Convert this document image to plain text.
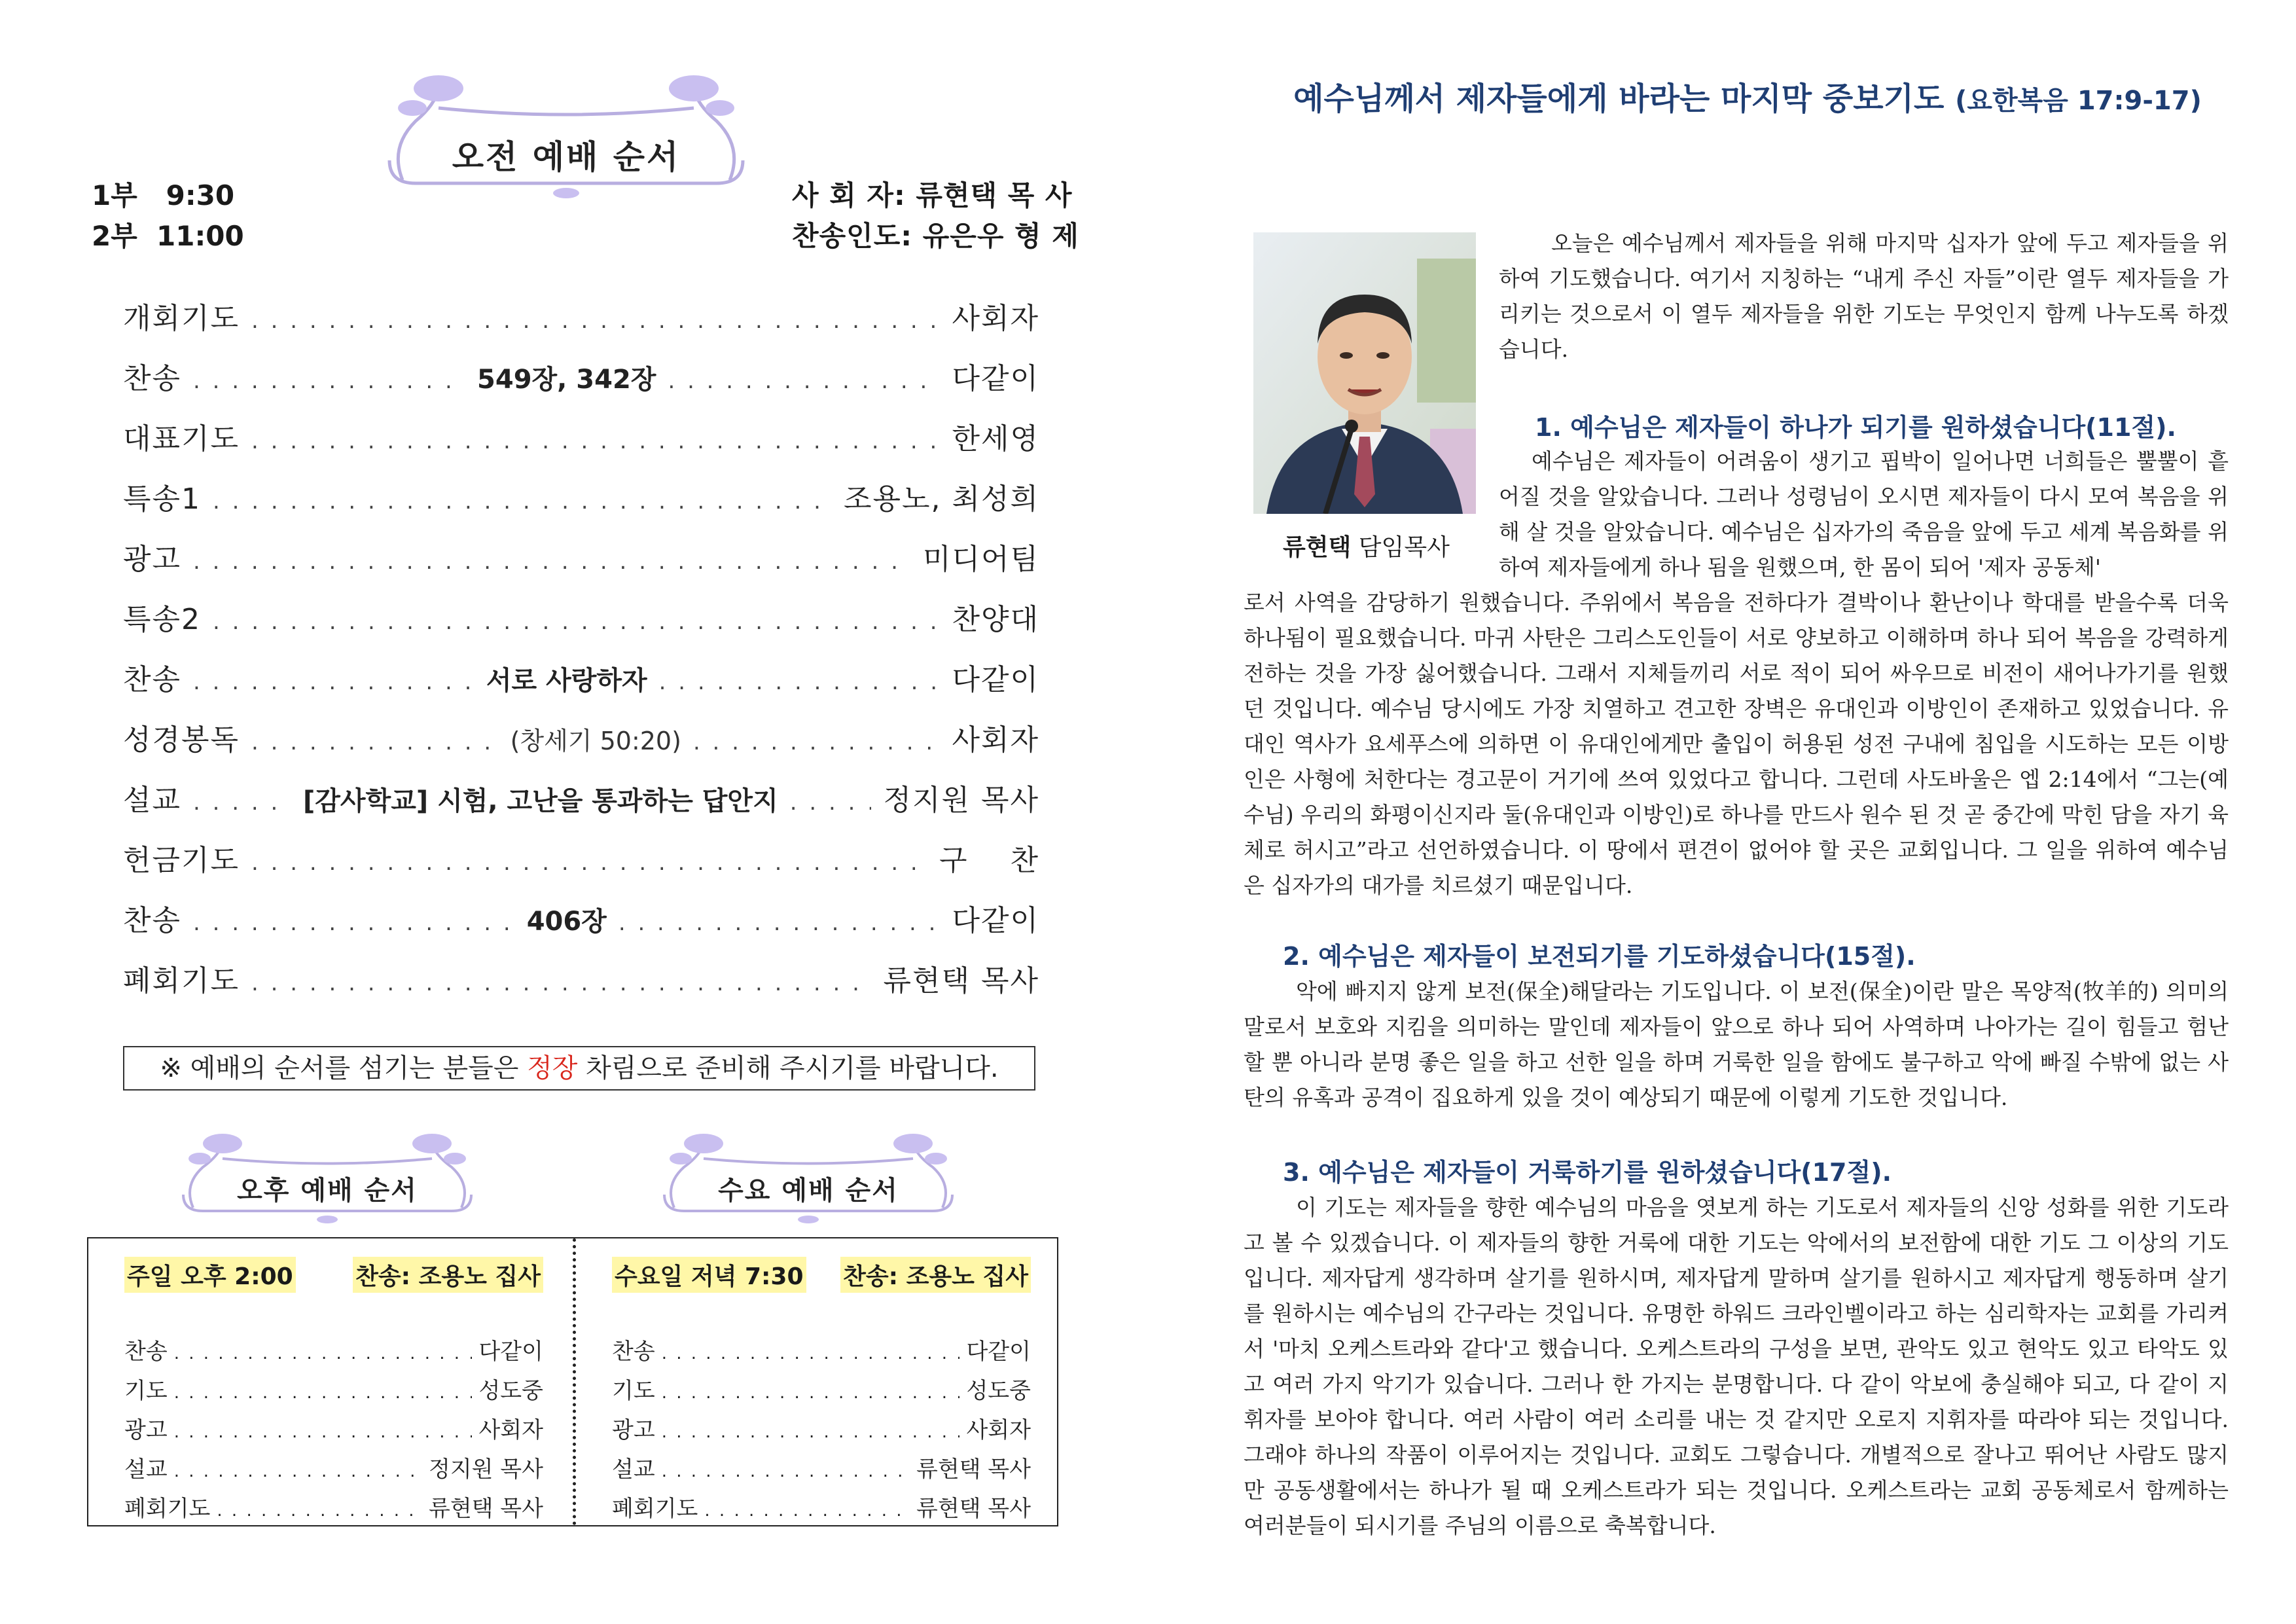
오전 예배 순서
1부   9:30
2부  11:00
사 회 자: 류현택 목 사
찬송인도: 유은우 형 제
개회기도 . . .	사회자
찬송 . . .	549장, 342장 . . .	다같이
대표기도 . . .	한세영
특송1 . . .	조용노, 최성희
광고 . . .	미디어팀
특송2 . . .	찬양대
찬송 . . .	서로 사랑하자 . . .	다같이
성경봉독 . . .	(창세기 50:20) . . .	사회자
설교 . . .	[감사학교] 시험, 고난을 통과하는 답안지 . . .	정지원 목사
헌금기도 . . .	구    찬
찬송 . . .	406장 . . .	다같이
폐회기도 . . .	류현택 목사
※ 예배의 순서를 섬기는 분들은 정장 차림으로 준비해 주시기를 바랍니다.
오후 예배 순서	수요 예배 순서
주일 오후 2:00	찬송: 조용노 집사
찬송 . . .	다같이
기도 . . .	성도중
광고 . . .	사회자
설교 . . .	정지원 목사
폐회기도 . . .	류현택 목사
수요일 저녁 7:30 찬송: 조용노 집사
찬송 . . .	다같이
기도 . . .	성도중
광고 . . .	사회자
설교 . . .	류현택 목사
폐회기도 . . .	류현택 목사
예수님께서 제자들에게 바라는 마지막 중보기도 (요한복음 17:9-17)
류현택 담임목사

오늘은 예수님께서 제자들을 위해 마지막 십자가 앞에 두고 제자들을 위하여 기도했습니다. 여기서 지칭하는 “내게 주신 자들”이란 열두 제자들을 가리키는 것으로서 이 열두 제자들을 위한 기도는 무엇인지 함께 나누도록 하겠습니다.

1. 예수님은 제자들이 하나가 되기를 원하셨습니다(11절).

예수님은 제자들이 어려움이 생기고 핍박이 일어나면 너희들은 뿔뿔이 흩어질 것을 알았습니다. 그러나 성령님이 오시면 제자들이 다시 모여 복음을 위해 살 것을 알았습니다. 예수님은 십자가의 죽음을 앞에 두고 세계 복음화를 위하여 제자들에게 하나 됨을 원했으며, 한 몸이 되어 '제자 공동체'

로서 사역을 감당하기 원했습니다. 주위에서 복음을 전하다가 결박이나 환난이나 학대를 받을수록 더욱 하나됨이 필요했습니다. 마귀 사탄은 그리스도인들이 서로 양보하고 이해하며 하나 되어 복음을 강력하게 전하는 것을 가장 싫어했습니다. 그래서 지체들끼리 서로 적이 되어 싸우므로 비전이 새어나가기를 원했던 것입니다. 예수님 당시에도 가장 치열하고 견고한 장벽은 유대인과 이방인이 존재하고 있었습니다. 유대인 역사가 요세푸스에 의하면 이 유대인에게만 출입이 허용된 성전 구내에 침입을 시도하는 모든 이방인은 사형에 처한다는 경고문이 거기에 쓰여 있었다고 합니다. 그런데 사도바울은 엡 2:14에서 “그는(예수님) 우리의 화평이신지라 둘(유대인과 이방인)로 하나를 만드사 원수 된 것 곧 중간에 막힌 담을 자기 육체로 허시고”라고 선언하였습니다. 이 땅에서 편견이 없어야 할 곳은 교회입니다. 그 일을 위하여 예수님은 십자가의 대가를 치르셨기 때문입니다.

2. 예수님은 제자들이 보전되기를 기도하셨습니다(15절).

악에 빠지지 않게 보전(保全)해달라는 기도입니다. 이 보전(保全)이란 말은 목양적(牧羊的) 의미의 말로서 보호와 지킴을 의미하는 말인데 제자들이 앞으로 하나 되어 사역하며 나아가는 길이 힘들고 험난할 뿐 아니라 분명 좋은 일을 하고 선한 일을 하며 거룩한 일을 함에도 불구하고 악에 빠질 수밖에 없는 사탄의 유혹과 공격이 집요하게 있을 것이 예상되기 때문에 이렇게 기도한 것입니다.

3. 예수님은 제자들이 거룩하기를 원하셨습니다(17절).

이 기도는 제자들을 향한 예수님의 마음을 엿보게 하는 기도로서 제자들의 신앙 성화를 위한 기도라고 볼 수 있겠습니다. 이 제자들의 향한 거룩에 대한 기도는 악에서의 보전함에 대한 기도 그 이상의 기도입니다. 제자답게 생각하며 살기를 원하시며, 제자답게 말하며 살기를 원하시고 제자답게 행동하며 살기를 원하시는 예수님의 간구라는 것입니다. 유명한 하워드 크라인벨이라고 하는 심리학자는 교회를 가리켜서 '마치 오케스트라와 같다'고 했습니다. 오케스트라의 구성을 보면, 관악도 있고 현악도 있고 타악도 있고 여러 가지 악기가 있습니다. 그러나 한 가지는 분명합니다. 다 같이 악보에 충실해야 되고, 다 같이 지휘자를 보아야 합니다. 여러 사람이 여러 소리를 내는 것 같지만 오로지 지휘자를 따라야 되는 것입니다. 그래야 하나의 작품이 이루어지는 것입니다. 교회도 그렇습니다. 개별적으로 잘나고 뛰어난 사람도 많지만 공동생활에서는 하나가 될 때 오케스트라가 되는 것입니다. 오케스트라는 교회 공동체로서 함께하는 여러분들이 되시기를 주님의 이름으로 축복합니다.
